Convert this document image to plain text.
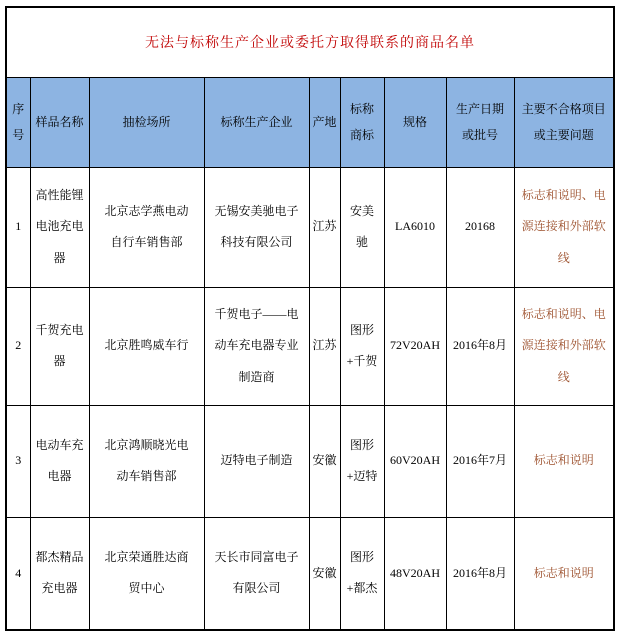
无法与标称生产企业或委托方取得联系的商品名单								
序号	样品名称	抽检场所	标称生产企业	产地	标称商标	规格	生产日期或批号	主要不合格项目或主要问题
1	高性能锂电池充电器	北京志学燕电动自行车销售部	无锡安美驰电子科技有限公司	江苏	安美驰	LA6010	20168	标志和说明、电源连接和外部软线
2	千贺充电器	北京胜鸣威车行	千贺电子——电动车充电器专业制造商	江苏	图形+千贺	72V20AH	2016年8月	标志和说明、电源连接和外部软线
3	电动车充电器	北京鸿顺晓光电动车销售部	迈特电子制造	安徽	图形+迈特	60V20AH	2016年7月	标志和说明
4	都杰精品充电器	北京荣通胜达商贸中心	天长市同富电子有限公司	安徽	图形+都杰	48V20AH	2016年8月	标志和说明
